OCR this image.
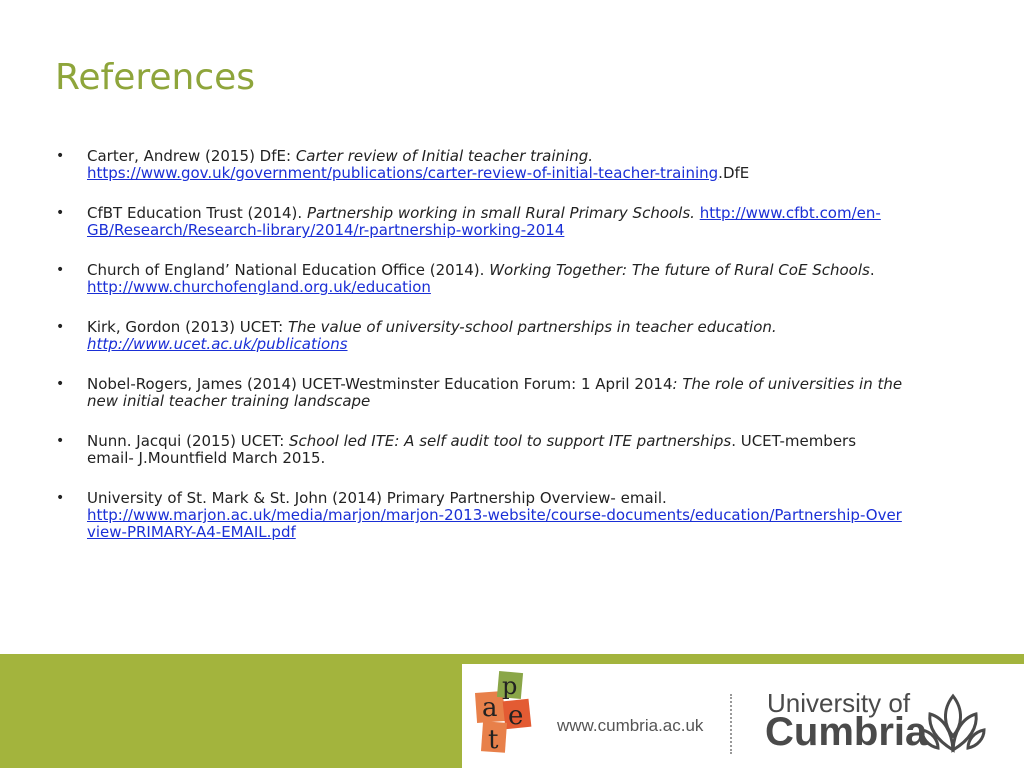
References
• Carter, Andrew (2015) DfE: Carter review of Initial teacher training. https://www.gov.uk/government/publications/carter-review-of-initial-teacher-training.DfE
• CfBT Education Trust (2014). Partnership working in small Rural Primary Schools. http://www.cfbt.com/en-GB/Research/Research-library/2014/r-partnership-working-2014
• Church of England’ National Education Office (2014). Working Together: The future of Rural CoE Schools. http://www.churchofengland.org.uk/education
• Kirk, Gordon (2013) UCET: The value of university-school partnerships in teacher education. http://www.ucet.ac.uk/publications
• Nobel-Rogers, James (2014) UCET-Westminster Education Forum: 1 April 2014: The role of universities in the new initial teacher training landscape
• Nunn. Jacqui (2015) UCET: School led ITE: A self audit tool to support ITE partnerships. UCET-members email- J.Mountfield March 2015.
• University of St. Mark & St. John (2014) Primary Partnership Overview- email.
http://www.marjon.ac.uk/media/marjon/marjon-2013-website/course-documents/education/Partnership-Overview-PRIMARY-A4-EMAIL.pdf
a
p
t
e www.cumbria.ac.uk
University of
Cumbria
